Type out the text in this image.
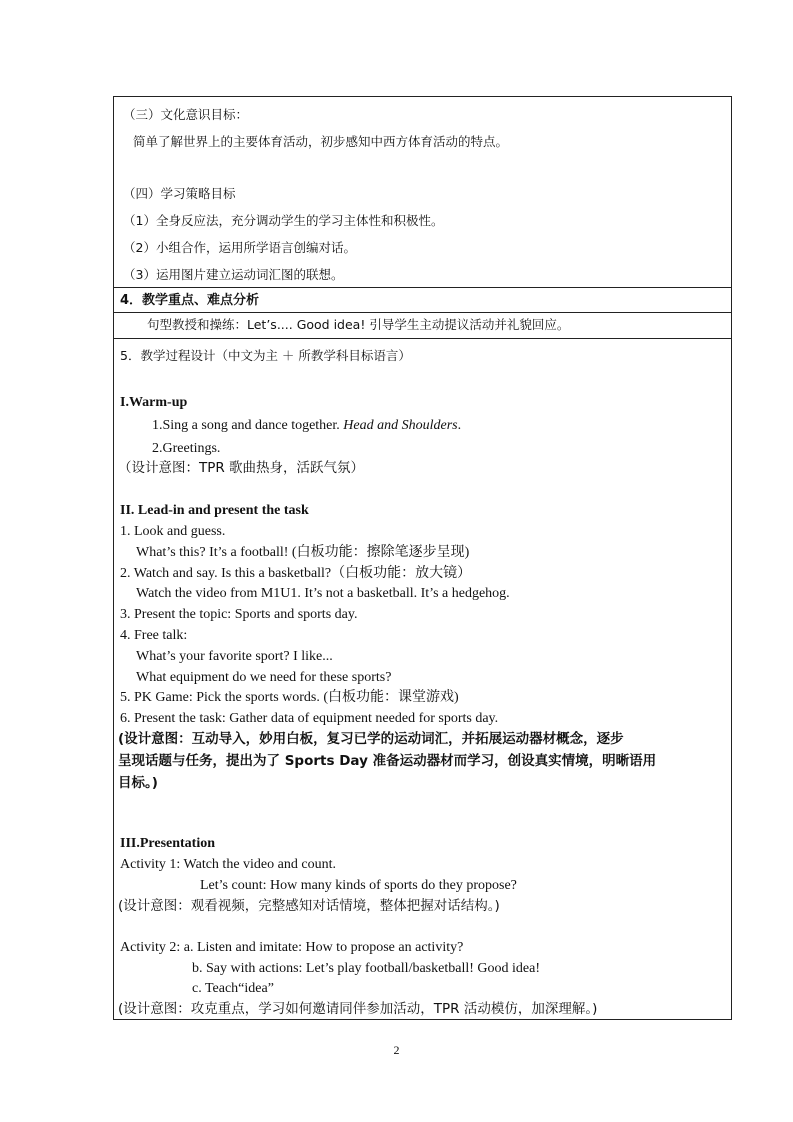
（三）文化意识目标：
简单了解世界上的主要体育活动，初步感知中西方体育活动的特点。
（四）学习策略目标
（1）全身反应法，充分调动学生的学习主体性和积极性。
（2）小组合作，运用所学语言创编对话。
（3）运用图片建立运动词汇图的联想。
4．教学重点、难点分析
句型教授和操练：Let’s.... Good idea! 引导学生主动提议活动并礼貌回应。
5．教学过程设计（中文为主 ＋ 所教学科目标语言）
I.Warm-up
1.Sing a song and dance together. Head and Shoulders.
2.Greetings.
（设计意图：TPR 歌曲热身，活跃气氛）
II. Lead-in and present the task
1. Look and guess.
What’s this? It’s a football! (白板功能：擦除笔逐步呈现)
2. Watch and say. Is this a basketball?（白板功能：放大镜）
Watch the video from M1U1. It’s not a basketball. It’s a hedgehog.
3. Present the topic: Sports and sports day.
4. Free talk:
What’s your favorite sport? I like...
What equipment do we need for these sports?
5. PK Game: Pick the sports words. (白板功能：课堂游戏)
6. Present the task: Gather data of equipment needed for sports day.
(设计意图：互动导入，妙用白板，复习已学的运动词汇，并拓展运动器材概念，逐步
呈现话题与任务，提出为了 Sports Day 准备运动器材而学习，创设真实情境，明晰语用
目标。)
III.Presentation
Activity 1: Watch the video and count.
Let’s count: How many kinds of sports do they propose?
(设计意图：观看视频，完整感知对话情境，整体把握对话结构。)
Activity 2: a. Listen and imitate: How to propose an activity?
b. Say with actions: Let’s play football/basketball! Good idea!
c. Teach“idea”
(设计意图：攻克重点，学习如何邀请同伴参加活动，TPR 活动模仿，加深理解。)
2
